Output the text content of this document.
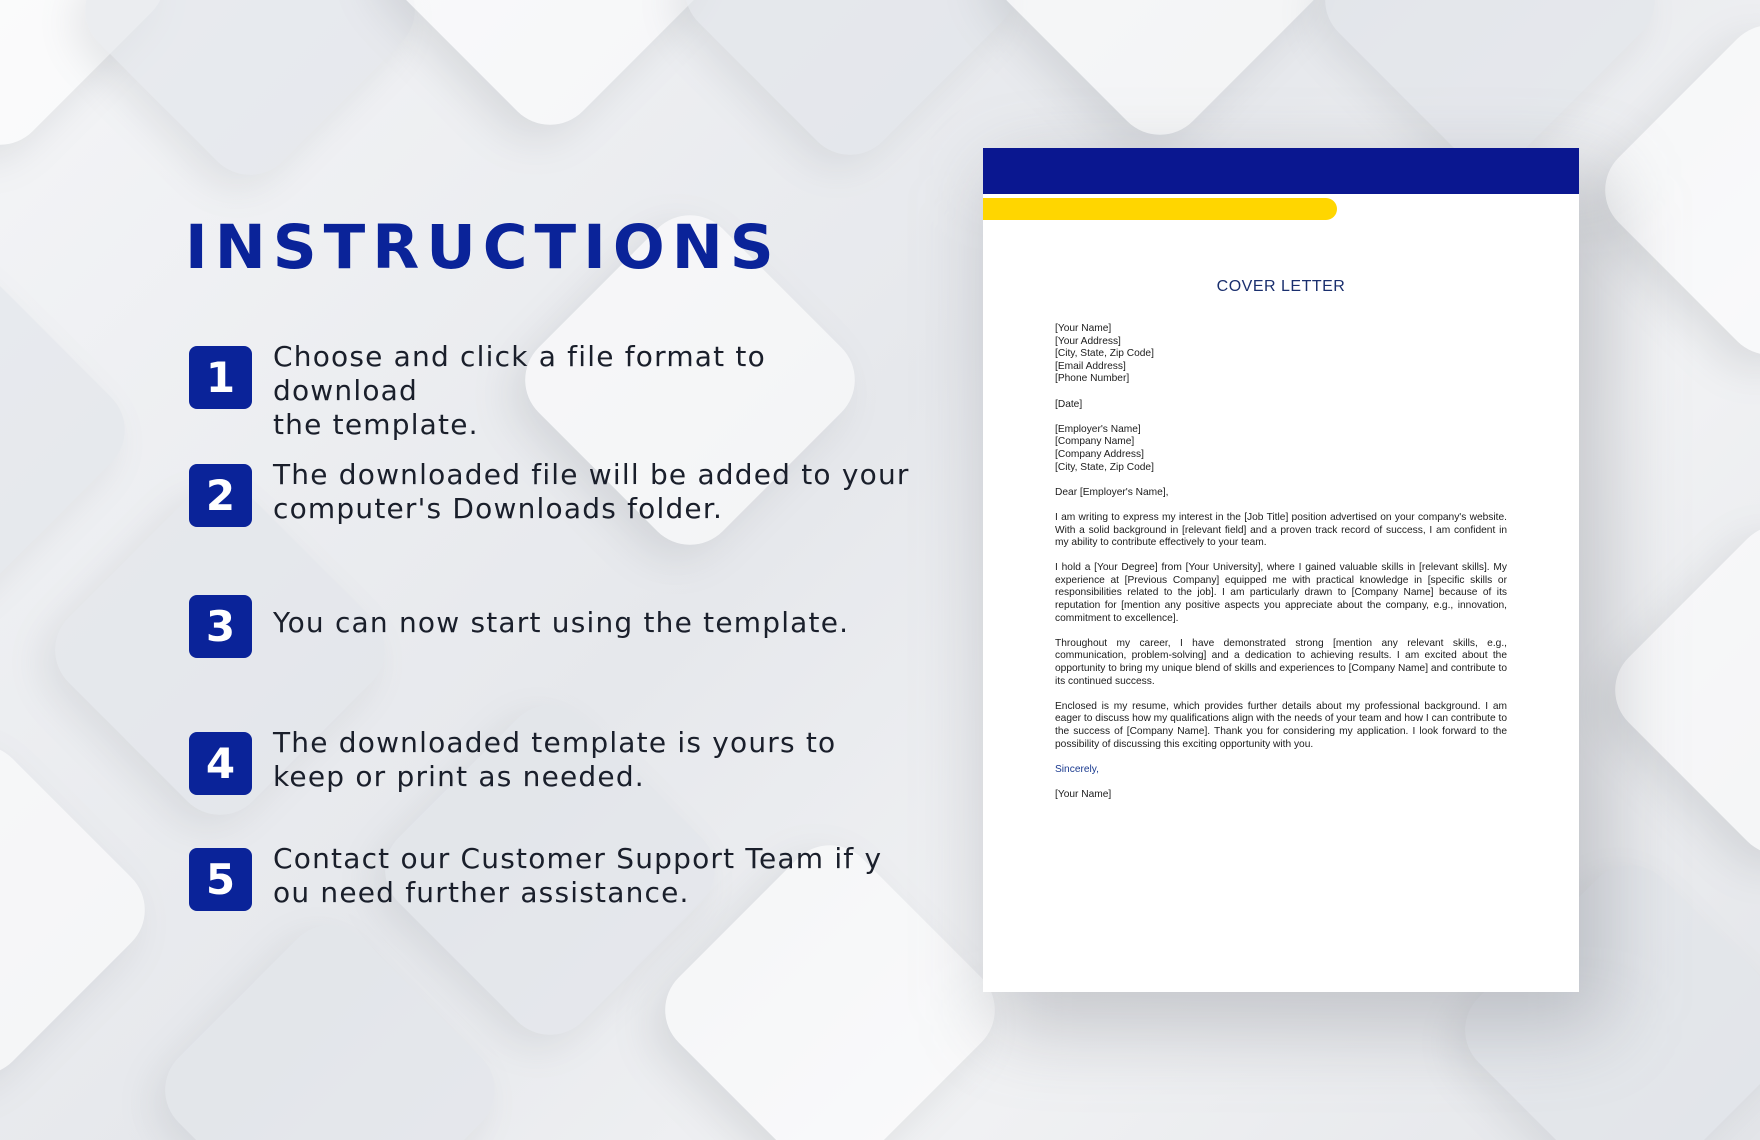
INSTRUCTIONS
1	Choose and click a file format to download
the template.
2	The downloaded file will be added to your
computer's Downloads folder.
3	You can now start using the template.
4	The downloaded template is yours to
keep or print as needed.
5	Contact our Customer Support Team if y
ou need further assistance.
COVER LETTER
[Your Name]
[Your Address]
[City, State, Zip Code]
[Email Address]
[Phone Number]
[Date]
[Employer's Name]
[Company Name]
[Company Address]
[City, State, Zip Code]
Dear [Employer's Name],

I am writing to express my interest in the [Job Title] position advertised on your company's website. With a solid background in [relevant field] and a proven track record of success, I am confident in my ability to contribute effectively to your team.

I hold a [Your Degree] from [Your University], where I gained valuable skills in [relevant skills]. My experience at [Previous Company] equipped me with practical knowledge in [specific skills or responsibilities related to the job]. I am particularly drawn to [Company Name] because of its reputation for [mention any positive aspects you appreciate about the company, e.g., innovation, commitment to excellence].

Throughout my career, I have demonstrated strong [mention any relevant skills, e.g., communication, problem-solving] and a dedication to achieving results. I am excited about the opportunity to bring my unique blend of skills and experiences to [Company Name] and contribute to its continued success.

Enclosed is my resume, which provides further details about my professional background. I am eager to discuss how my qualifications align with the needs of your team and how I can contribute to the success of [Company Name]. Thank you for considering my application. I look forward to the possibility of discussing this exciting opportunity with you.

Sincerely,
[Your Name]
